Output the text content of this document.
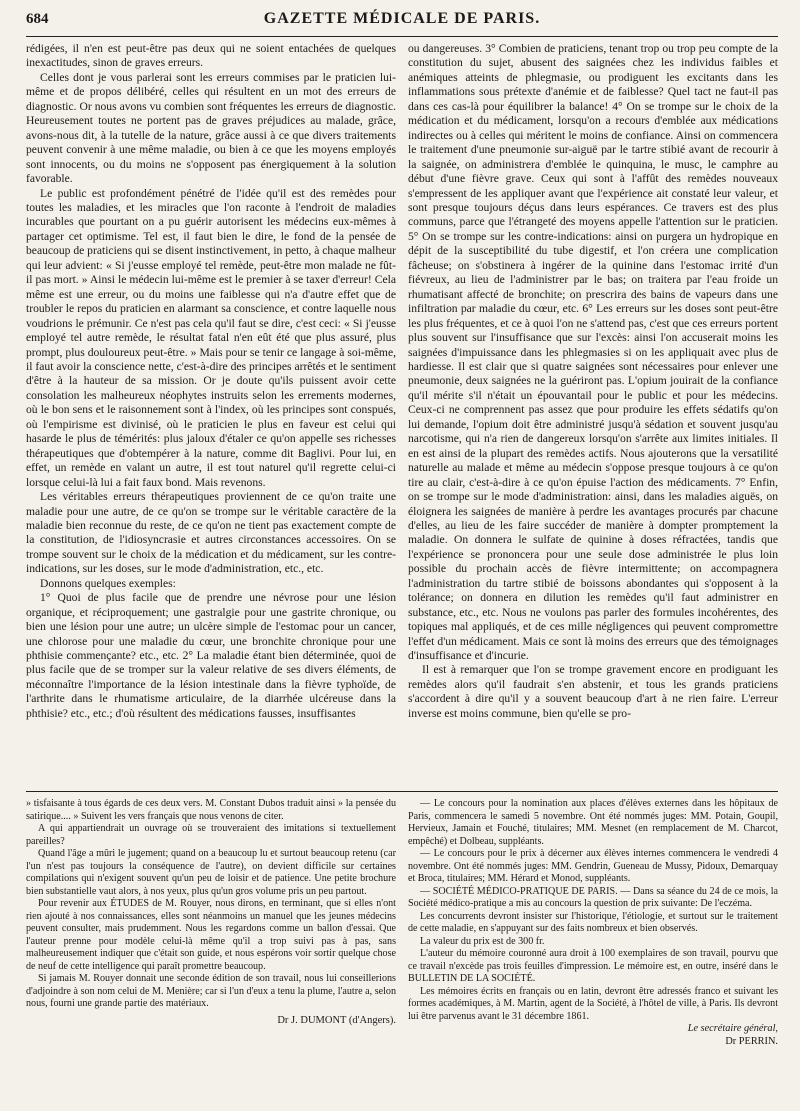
684	GAZETTE MÉDICALE DE PARIS.

rédigées, il n'en est peut-être pas deux qui ne soient entachées de quelques inexactitudes, sinon de graves erreurs.

Celles dont je vous parlerai sont les erreurs commises par le praticien lui-même et de propos délibéré, celles qui résultent en un mot des erreurs de diagnostic. Or nous avons vu combien sont fréquentes les erreurs de diagnostic. Heureusement toutes ne portent pas de graves préjudices au malade, grâce, avons-nous dit, à la tutelle de la nature, grâce aussi à ce que divers traitements peuvent convenir à une même maladie, ou bien à ce que les moyens employés sont innocents, ou du moins ne s'opposent pas énergiquement à la solution favorable.

Le public est profondément pénétré de l'idée qu'il est des remèdes pour toutes les maladies, et les miracles que l'on raconte à l'endroit de maladies incurables que pourtant on a pu guérir autorisent les médecins eux-mêmes à partager cet optimisme. Tel est, il faut bien le dire, le fond de la pensée de beaucoup de praticiens qui se disent instinctivement, in petto, à chaque malheur qui leur advient: « Si j'eusse employé tel remède, peut-être mon malade ne fût-il pas mort. » Ainsi le médecin lui-même est le premier à se taxer d'erreur! Cela même est une erreur, ou du moins une faiblesse qui n'a d'autre effet que de troubler le repos du praticien en alarmant sa conscience, et contre laquelle nous voudrions le prémunir. Ce n'est pas cela qu'il faut se dire, c'est ceci: « Si j'eusse employé tel autre remède, le résultat fatal n'en eût été que plus assuré, plus prompt, plus douloureux peut-être. » Mais pour se tenir ce langage à soi-même, il faut avoir la conscience nette, c'est-à-dire des principes arrêtés et le sentiment d'être à la hauteur de sa mission. Or je doute qu'ils puissent avoir cette consolation les malheureux néophytes instruits selon les errements modernes, où le bon sens et le raisonnement sont à l'index, où les principes sont conspués, où l'empirisme est divinisé, où le praticien le plus en faveur est celui qui hasarde le plus de témérités: plus jaloux d'étaler ce qu'on appelle ses richesses thérapeutiques que d'obtempérer à la nature, comme dit Baglivi. Pour lui, en effet, un remède en valant un autre, il est tout naturel qu'il regrette celui-ci lorsque celui-là lui a fait faux bond. Mais revenons.

Les véritables erreurs thérapeutiques proviennent de ce qu'on traite une maladie pour une autre, de ce qu'on se trompe sur le véritable caractère de la maladie bien reconnue du reste, de ce qu'on ne tient pas exactement compte de la constitution, de l'idiosyncrasie et autres circonstances accessoires. On se trompe souvent sur le choix de la médication et du médicament, sur les contre-indications, sur les doses, sur le mode d'administration, etc., etc.

Donnons quelques exemples:

1° Quoi de plus facile que de prendre une névrose pour une lésion organique, et réciproquement; une gastralgie pour une gastrite chronique, ou bien une lésion pour une autre; un ulcère simple de l'estomac pour un cancer, une chlorose pour une maladie du cœur, une bronchite chronique pour une phthisie commençante? etc., etc. 2° La maladie étant bien déterminée, quoi de plus facile que de se tromper sur la valeur relative de ses divers éléments, de méconnaître l'importance de la lésion intestinale dans la fièvre typhoïde, de l'arthrite dans le rhumatisme articulaire, de la diarrhée ulcéreuse dans la phthisie? etc., etc.; d'où résultent des médications fausses, insuffisantes

ou dangereuses. 3° Combien de praticiens, tenant trop ou trop peu compte de la constitution du sujet, abusent des saignées chez les individus faibles et anémiques atteints de phlegmasie, ou prodiguent les excitants dans les inflammations sous prétexte d'anémie et de faiblesse? Quel tact ne faut-il pas dans ces cas-là pour équilibrer la balance! 4° On se trompe sur le choix de la médication et du médicament, lorsqu'on a recours d'emblée aux médications indirectes ou à celles qui méritent le moins de confiance. Ainsi on commencera le traitement d'une pneumonie sur-aiguë par le tartre stibié avant de recourir à la saignée, on administrera d'emblée le quinquina, le musc, le camphre au début d'une fièvre grave. Ceux qui sont à l'affût des remèdes nouveaux s'empressent de les appliquer avant que l'expérience ait constaté leur valeur, et sont presque toujours déçus dans leurs espérances. Ce travers est des plus communs, parce que l'étrangeté des moyens appelle l'attention sur le praticien. 5° On se trompe sur les contre-indications: ainsi on purgera un hydropique en dépit de la susceptibilité du tube digestif, et l'on créera une complication fâcheuse; on s'obstinera à ingérer de la quinine dans l'estomac irrité d'un fiévreux, au lieu de l'administrer par le bas; on traitera par l'eau froide un rhumatisant affecté de bronchite; on prescrira des bains de vapeurs dans une infiltration par maladie du cœur, etc. 6° Les erreurs sur les doses sont peut-être les plus fréquentes, et ce à quoi l'on ne s'attend pas, c'est que ces erreurs portent plus souvent sur l'insuffisance que sur l'excès: ainsi l'on accuserait moins les saignées d'impuissance dans les phlegmasies si on les appliquait avec plus de hardiesse. Il est clair que si quatre saignées sont nécessaires pour enlever une pneumonie, deux saignées ne la guériront pas. L'opium jouirait de la confiance qu'il mérite s'il n'était un épouvantail pour le public et pour les médecins. Ceux-ci ne comprennent pas assez que pour produire les effets sédatifs qu'on lui demande, l'opium doit être administré jusqu'à sédation et souvent jusqu'au narcotisme, qui n'a rien de dangereux lorsqu'on s'arrête aux limites initiales. Il en est ainsi de la plupart des remèdes actifs. Nous ajouterons que la versatilité naturelle au malade et même au médecin s'oppose presque toujours à ce qu'on tire au clair, c'est-à-dire à ce qu'on épuise l'action des médicaments. 7° Enfin, on se trompe sur le mode d'administration: ainsi, dans les maladies aiguës, on éloignera les saignées de manière à perdre les avantages procurés par chacune d'elles, au lieu de les faire succéder de manière à dompter promptement la maladie. On donnera le sulfate de quinine à doses réfractées, tandis que l'expérience se prononcera pour une seule dose administrée le plus loin possible du prochain accès de fièvre intermittente; on accompagnera l'administration du tartre stibié de boissons abondantes qui s'opposent à la tolérance; on donnera en dilution les remèdes qu'il faut administrer en substance, etc., etc. Nous ne voulons pas parler des formules incohérentes, des topiques mal appliqués, et de ces mille négligences qui peuvent compromettre l'effet d'un médicament. Mais ce sont là moins des erreurs que des témoignages d'insuffisance et d'incurie.

Il est à remarquer que l'on se trompe gravement encore en prodiguant les remèdes alors qu'il faudrait s'en abstenir, et tous les grands praticiens s'accordent à dire qu'il y a souvent beaucoup d'art à ne rien faire. L'erreur inverse est moins commune, bien qu'elle se pro-

» tisfaisante à tous égards de ces deux vers. M. Constant Dubos traduit ainsi » la pensée du satirique.... » Suivent les vers français que nous venons de citer.

A qui appartiendrait un ouvrage où se trouveraient des imitations si textuellement pareilles?

Quand l'âge a mûri le jugement; quand on a beaucoup lu et surtout beaucoup retenu (car l'un n'est pas toujours la conséquence de l'autre), on devient difficile sur certaines compilations qui n'exigent souvent qu'un peu de loisir et de patience. Une petite brochure bien substantielle vaut alors, à nos yeux, plus qu'un gros volume pris un peu partout.

Pour revenir aux ÉTUDES de M. Rouyer, nous dirons, en terminant, que si elles n'ont rien ajouté à nos connaissances, elles sont néanmoins un manuel que les jeunes médecins peuvent consulter, mais prudemment. Nous les regardons comme un ballon d'essai. Que l'auteur prenne pour modèle celui-là même qu'il a trop suivi pas à pas, sans malheureusement indiquer que c'était son guide, et nous espérons voir sortir quelque chose de neuf de cette intelligence qui paraît promettre beaucoup.

Si jamais M. Rouyer donnait une seconde édition de son travail, nous lui conseillerions d'adjoindre à son nom celui de M. Menière; car si l'un d'eux a tenu la plume, l'autre a, selon nous, fourni une grande partie des matériaux.

Dr J. DUMONT (d'Angers).

— Le concours pour la nomination aux places d'élèves externes dans les hôpitaux de Paris, commencera le samedi 5 novembre. Ont été nommés juges: MM. Potain, Goupil, Hervieux, Jamain et Fouché, titulaires; MM. Mesnet (en remplacement de M. Charcot, empêché) et Dolbeau, suppléants.

— Le concours pour le prix à décerner aux élèves internes commencera le vendredi 4 novembre. Ont été nommés juges: MM. Gendrin, Gueneau de Mussy, Pidoux, Demarquay et Broca, titulaires; MM. Hérard et Monod, suppléants.

— SOCIÉTÉ MÉDICO-PRATIQUE DE PARIS. — Dans sa séance du 24 de ce mois, la Société médico-pratique a mis au concours la question de prix suivante: De l'eczéma.

Les concurrents devront insister sur l'historique, l'étiologie, et surtout sur le traitement de cette maladie, en s'appuyant sur des faits nombreux et bien observés.

La valeur du prix est de 300 fr.

L'auteur du mémoire couronné aura droit à 100 exemplaires de son travail, pourvu que ce travail n'excède pas trois feuilles d'impression. Le mémoire est, en outre, inséré dans le BULLETIN DE LA SOCIÉTÉ.

Les mémoires écrits en français ou en latin, devront être adressés franco et suivant les formes académiques, à M. Martin, agent de la Société, à l'hôtel de ville, à Paris. Ils devront lui être parvenus avant le 31 décembre 1861.

Le secrétaire général,
Dr PERRIN.
